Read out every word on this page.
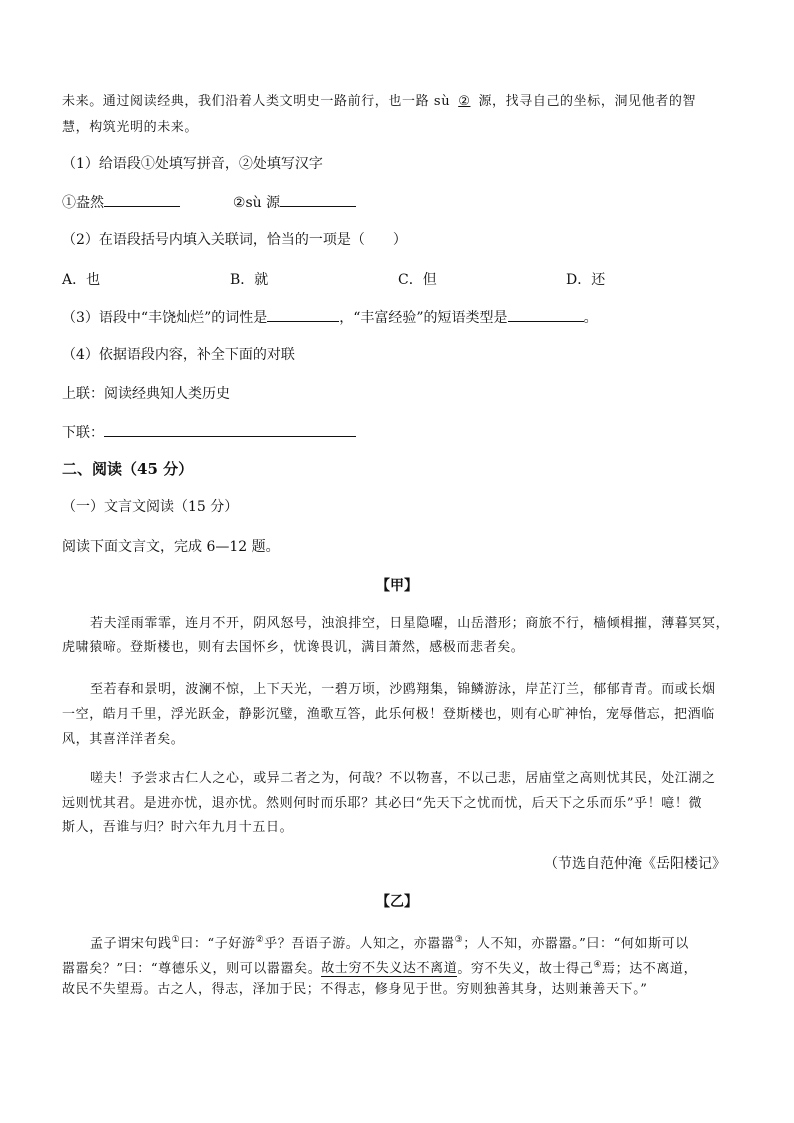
未来。通过阅读经典，我们沿着人类文明史一路前行，也一路 sù ② 源，找寻自己的坐标，洞见他者的智
慧，构筑光明的未来。
（1）给语段①处填写拼音，②处填写汉字
①盎然	②sù 源
（2）在语段括号内填入关联词，恰当的一项是（　　）
A．也	B．就	C．但	D．还
（3）语段中“丰饶灿烂”的词性是	，“丰富经验”的短语类型是	。
（4）依据语段内容，补全下面的对联
上联：阅读经典知人类历史
下联：
二、阅读（45 分）
（一）文言文阅读（15 分）
阅读下面文言文，完成 6—12 题。
【甲】
若夫淫雨霏霏，连月不开，阴风怒号，浊浪排空，日星隐曜，山岳潜形；商旅不行，樯倾楫摧，薄暮冥冥，
虎啸猿啼。登斯楼也，则有去国怀乡，忧谗畏讥，满目萧然，感极而悲者矣。
至若春和景明，波澜不惊，上下天光，一碧万顷，沙鸥翔集，锦鳞游泳，岸芷汀兰，郁郁青青。而或长烟
一空，皓月千里，浮光跃金，静影沉璧，渔歌互答，此乐何极！登斯楼也，则有心旷神怡，宠辱偕忘，把酒临
风，其喜洋洋者矣。
嗟夫！予尝求古仁人之心，或异二者之为，何哉？不以物喜，不以己悲，居庙堂之高则忧其民，处江湖之
远则忧其君。是进亦忧，退亦忧。然则何时而乐耶？其必曰“先天下之忧而忧，后天下之乐而乐”乎！噫！微
斯人，吾谁与归？时六年九月十五日。
（节选自范仲淹《岳阳楼记》
【乙】
孟子谓宋句践①曰：“子好游②乎？吾语子游。人知之，亦嚣嚣③；人不知，亦嚣嚣。”曰：“何如斯可以
嚣嚣矣？”曰：“尊德乐义，则可以嚣嚣矣。故士穷不失义达不离道。穷不失义，故士得己④焉；达不离道，
故民不失望焉。古之人，得志，泽加于民；不得志，修身见于世。穷则独善其身，达则兼善天下。”
